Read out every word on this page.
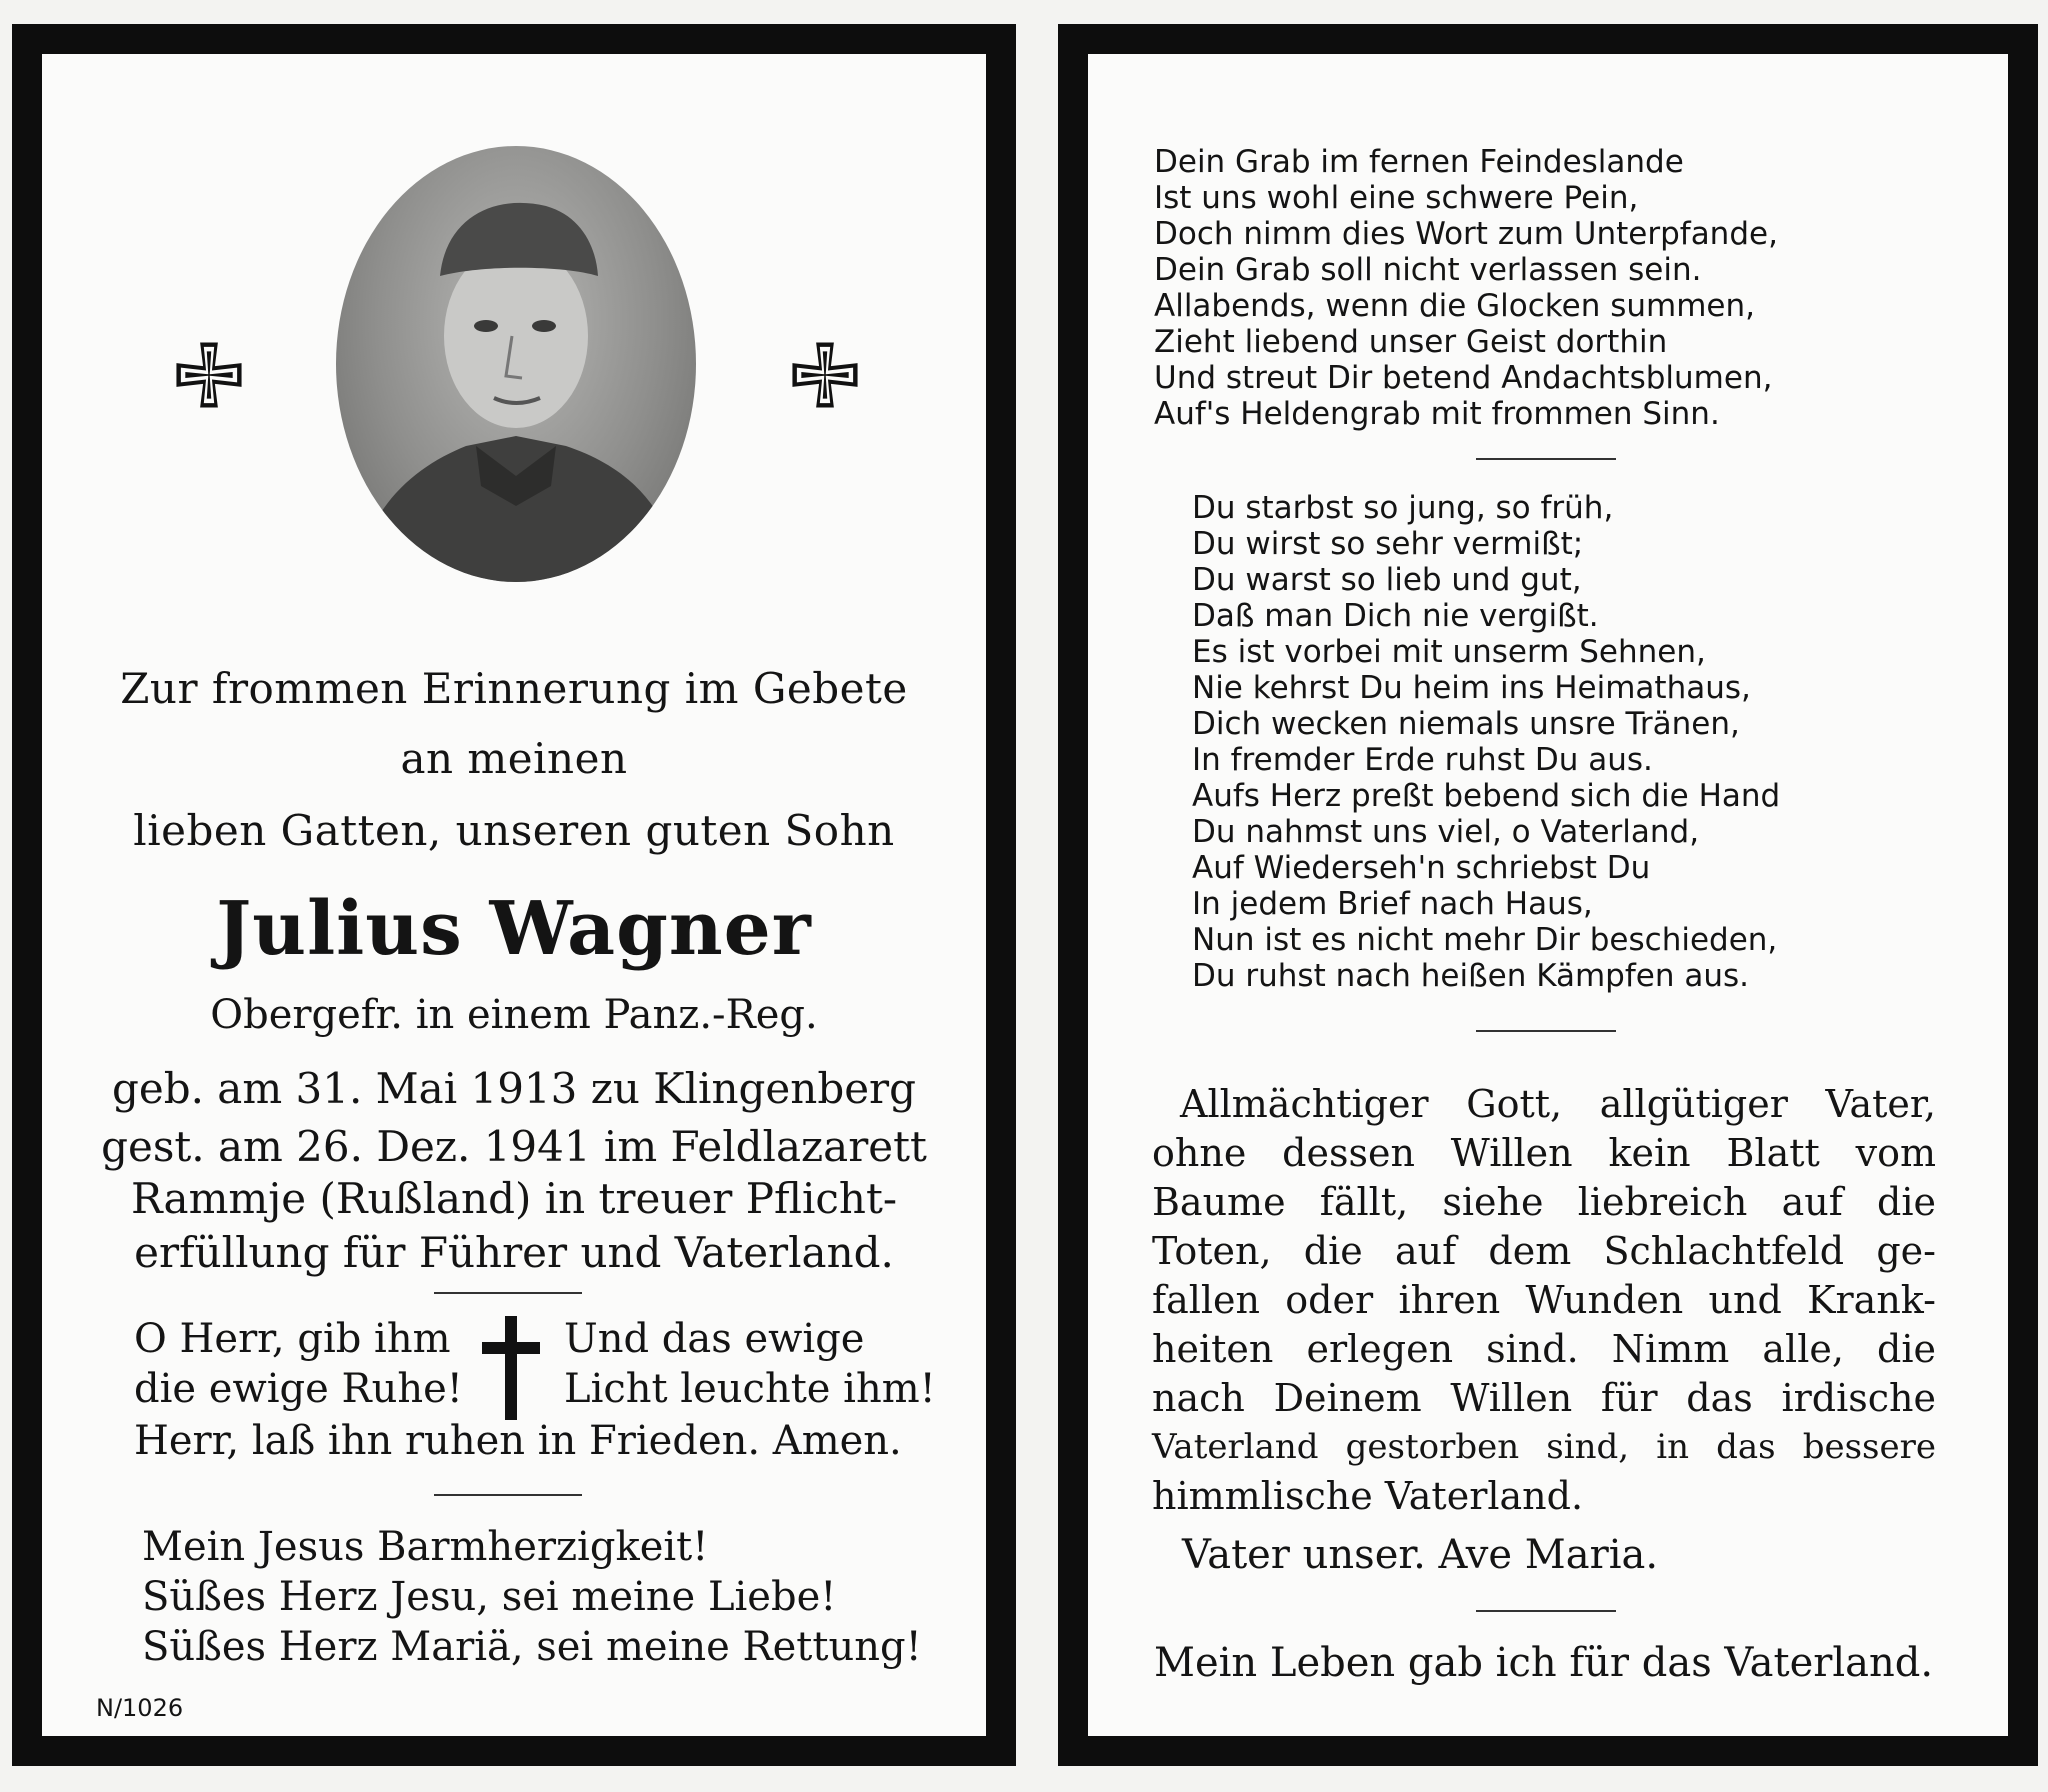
Zur frommen Erinnerung im Gebete
an meinen
lieben Gatten, unseren guten Sohn
Julius Wagner
Obergefr. in einem Panz.-Reg.
geb. am 31. Mai 1913 zu Klingenberg
gest. am 26. Dez. 1941 im Feldlazarett
Rammje (Rußland) in treuer Pflicht-
erfüllung für Führer und Vaterland.
O Herr, gib ihm
die ewige Ruhe!
Und das ewige
Licht leuchte ihm!
Herr, laß ihn ruhen in Frieden. Amen.
Mein Jesus Barmherzigkeit!
Süßes Herz Jesu, sei meine Liebe!
Süßes Herz Mariä, sei meine Rettung!
N/1026
Dein Grab im fernen Feindeslande
Ist uns wohl eine schwere Pein,
Doch nimm dies Wort zum Unterpfande,
Dein Grab soll nicht verlassen sein.
Allabends, wenn die Glocken summen,
Zieht liebend unser Geist dorthin
Und streut Dir betend Andachtsblumen,
Auf's Heldengrab mit frommen Sinn.
Du starbst so jung, so früh,
Du wirst so sehr vermißt;
Du warst so lieb und gut,
Daß man Dich nie vergißt.
Es ist vorbei mit unserm Sehnen,
Nie kehrst Du heim ins Heimathaus,
Dich wecken niemals unsre Tränen,
In fremder Erde ruhst Du aus.
Aufs Herz preßt bebend sich die Hand
Du nahmst uns viel, o Vaterland,
Auf Wiederseh'n schriebst Du
In jedem Brief nach Haus,
Nun ist es nicht mehr Dir beschieden,
Du ruhst nach heißen Kämpfen aus.
Allmächtiger Gott, allgütiger Vater,
ohne dessen Willen kein Blatt vom
Baume fällt, siehe liebreich auf die
Toten, die auf dem Schlachtfeld ge-
fallen oder ihren Wunden und Krank-
heiten erlegen sind. Nimm alle, die
nach Deinem Willen für das irdische
Vaterland gestorben sind, in das bessere
himmlische Vaterland.
Vater unser. Ave Maria.
Mein Leben gab ich für das Vaterland.
